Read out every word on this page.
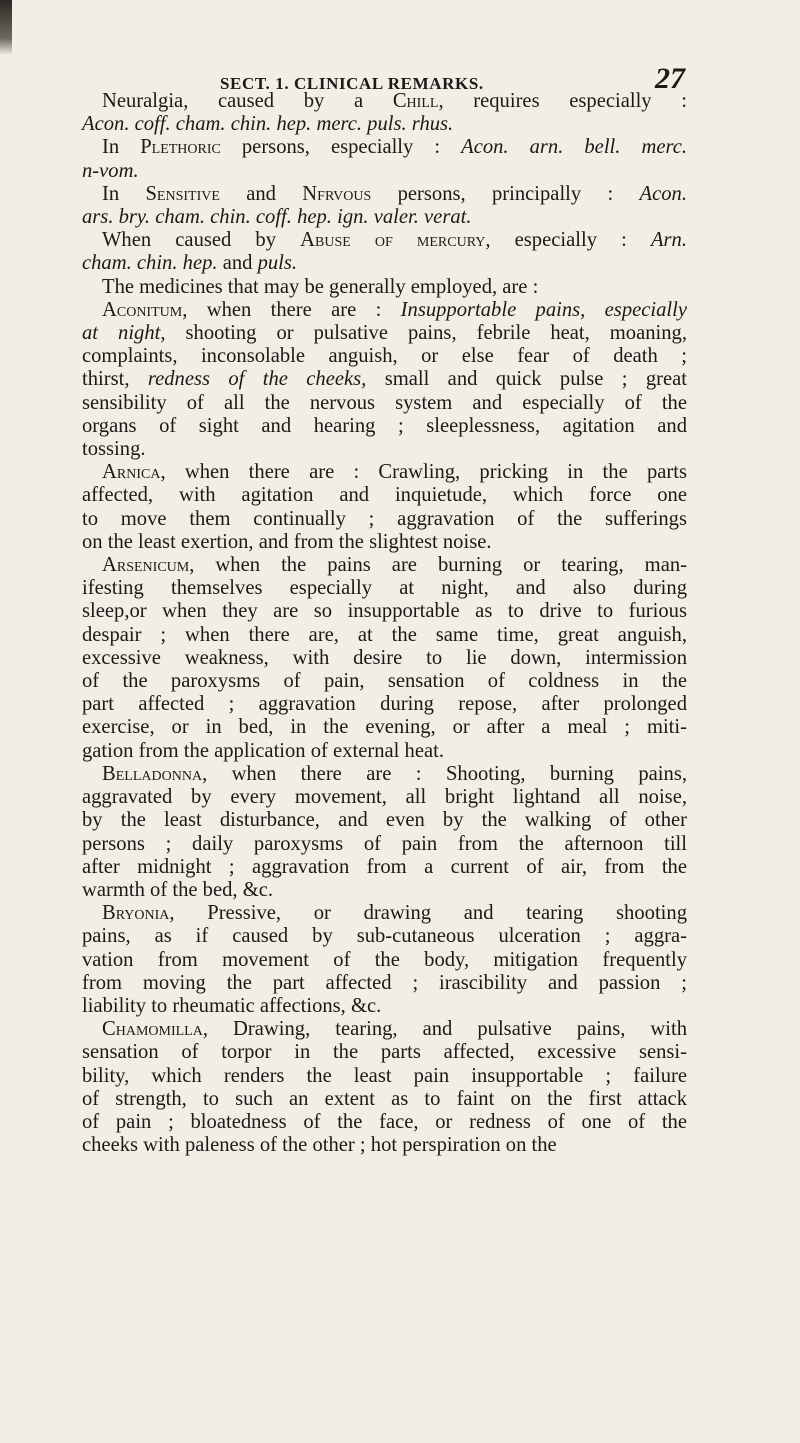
SECT. 1. CLINICAL REMARKS.	27
Neuralgia, caused by a Chill, requires especially :
Acon. coff. cham. chin. hep. merc. puls. rhus.
In Plethoric persons, especially : Acon. arn. bell. merc.
n-vom.
In Sensitive and Nfrvous persons, principally : Acon.
ars. bry. cham. chin. coff. hep. ign. valer. verat.
When caused by Abuse of mercury, especially : Arn.
cham. chin. hep. and puls.
The medicines that may be generally employed, are :
Aconitum, when there are : Insupportable pains, especially
at night, shooting or pulsative pains, febrile heat, moaning,
complaints, inconsolable anguish, or else fear of death ;
thirst, redness of the cheeks, small and quick pulse ; great
sensibility of all the nervous system and especially of the
organs of sight and hearing ; sleeplessness, agitation and
tossing.
Arnica, when there are : Crawling, pricking in the parts
affected, with agitation and inquietude, which force one
to move them continually ; aggravation of the sufferings
on the least exertion, and from the slightest noise.
Arsenicum, when the pains are burning or tearing, man-
ifesting themselves especially at night, and also during
sleep,or when they are so insupportable as to drive to furious
despair ; when there are, at the same time, great anguish,
excessive weakness, with desire to lie down, intermission
of the paroxysms of pain, sensation of coldness in the
part affected ; aggravation during repose, after prolonged
exercise, or in bed, in the evening, or after a meal ; miti-
gation from the application of external heat.
Belladonna, when there are : Shooting, burning pains,
aggravated by every movement, all bright lightand all noise,
by the least disturbance, and even by the walking of other
persons ; daily paroxysms of pain from the afternoon till
after midnight ; aggravation from a current of air, from the
warmth of the bed, &c.
Bryonia, Pressive, or drawing and tearing shooting
pains, as if caused by sub-cutaneous ulceration ; aggra-
vation from movement of the body, mitigation frequently
from moving the part affected ; irascibility and passion ;
liability to rheumatic affections, &c.
Chamomilla, Drawing, tearing, and pulsative pains, with
sensation of torpor in the parts affected, excessive sensi-
bility, which renders the least pain insupportable ; failure
of strength, to such an extent as to faint on the first attack
of pain ; bloatedness of the face, or redness of one of the
cheeks with paleness of the other ; hot perspiration on the
